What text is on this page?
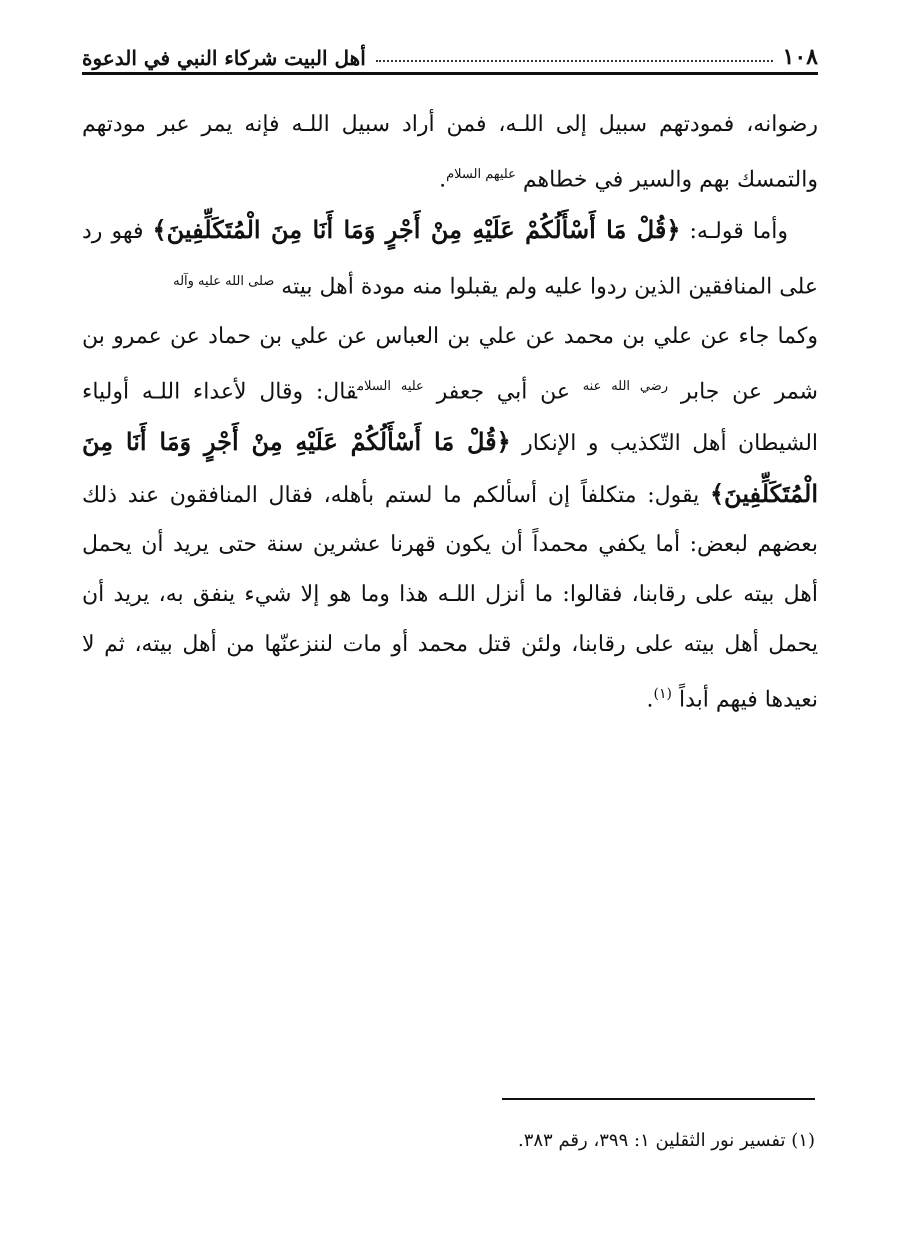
١٠٨
أهل البيت شركاء النبي في الدعوة

رضوانه، فمودتهم سبيل إلى اللـه، فمن أراد سبيل اللـه فإنه يمر عبر مودتهم والتمسك بهم والسير في خطاهم $^{عليهم السلام}$.

وأما قولـه: ﴿قُلْ مَا أَسْأَلُكُمْ عَلَيْهِ مِنْ أَجْرٍ وَمَا أَنَا مِنَ الْمُتَكَلِّفِينَ﴾ فهو رد على المنافقين الذين ردوا عليه ولم يقبلوا منه مودة أهل بيته $^{صلى الله عليه وآله}$

وكما جاء عن علي بن محمد عن علي بن العباس عن علي بن حماد عن عمرو بن شمر عن جابر $^{رضي الله عنه}$ عن أبي جعفر $^{عليه السلام}$قال: وقال لأعداء اللـه أولياء الشيطان أهل التّكذيب و الإنكار ﴿قُلْ مَا أَسْأَلُكُمْ عَلَيْهِ مِنْ أَجْرٍ وَمَا أَنَا مِنَ الْمُتَكَلِّفِينَ﴾ يقول: متكلفاً إن أسألكم ما لستم بأهله، فقال المنافقون عند ذلك بعضهم لبعض: أما يكفي محمداً أن يكون قهرنا عشرين سنة حتى يريد أن يحمل أهل بيته على رقابنا، فقالوا: ما أنزل اللـه هذا وما هو إلا شيء ينفق به، يريد أن يحمل أهل بيته على رقابنا، ولئن قتل محمد أو مات لننزعنّها من أهل بيته، ثم لا نعيدها فيهم أبداً $^{(١)}$.

(١) تفسير نور الثقلين ١: ٣٩٩، رقم ٣٨٣.
